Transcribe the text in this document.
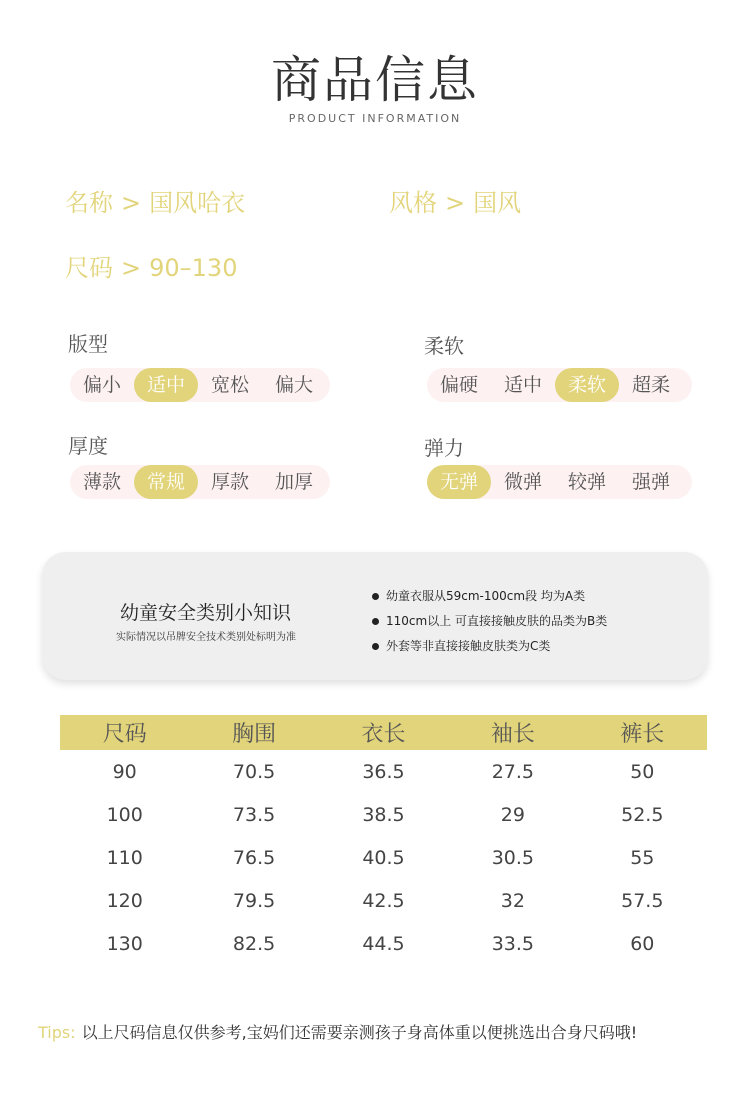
商品信息
PRODUCT INFORMATION
名称 > 国风哈衣	风格 > 国风
尺码 > 90–130
版型
偏小	适中	宽松	偏大
柔软
偏硬	适中	柔软	超柔
厚度
薄款	常规	厚款	加厚
弹力
无弹	微弹	较弹	强弹
幼童安全类别小知识
实际情况以吊牌安全技术类别处标明为准
幼童衣服从59cm-100cm段 均为A类
110cm以上 可直接接触皮肤的品类为B类
外套等非直接接触皮肤类为C类
尺码	胸围	衣长	袖长	裤长
90	70.5	36.5	27.5	50
100	73.5	38.5	29	52.5
110	76.5	40.5	30.5	55
120	79.5	42.5	32	57.5
130	82.5	44.5	33.5	60
Tips: 以上尺码信息仅供参考,宝妈们还需要亲测孩子身高体重以便挑选出合身尺码哦!
